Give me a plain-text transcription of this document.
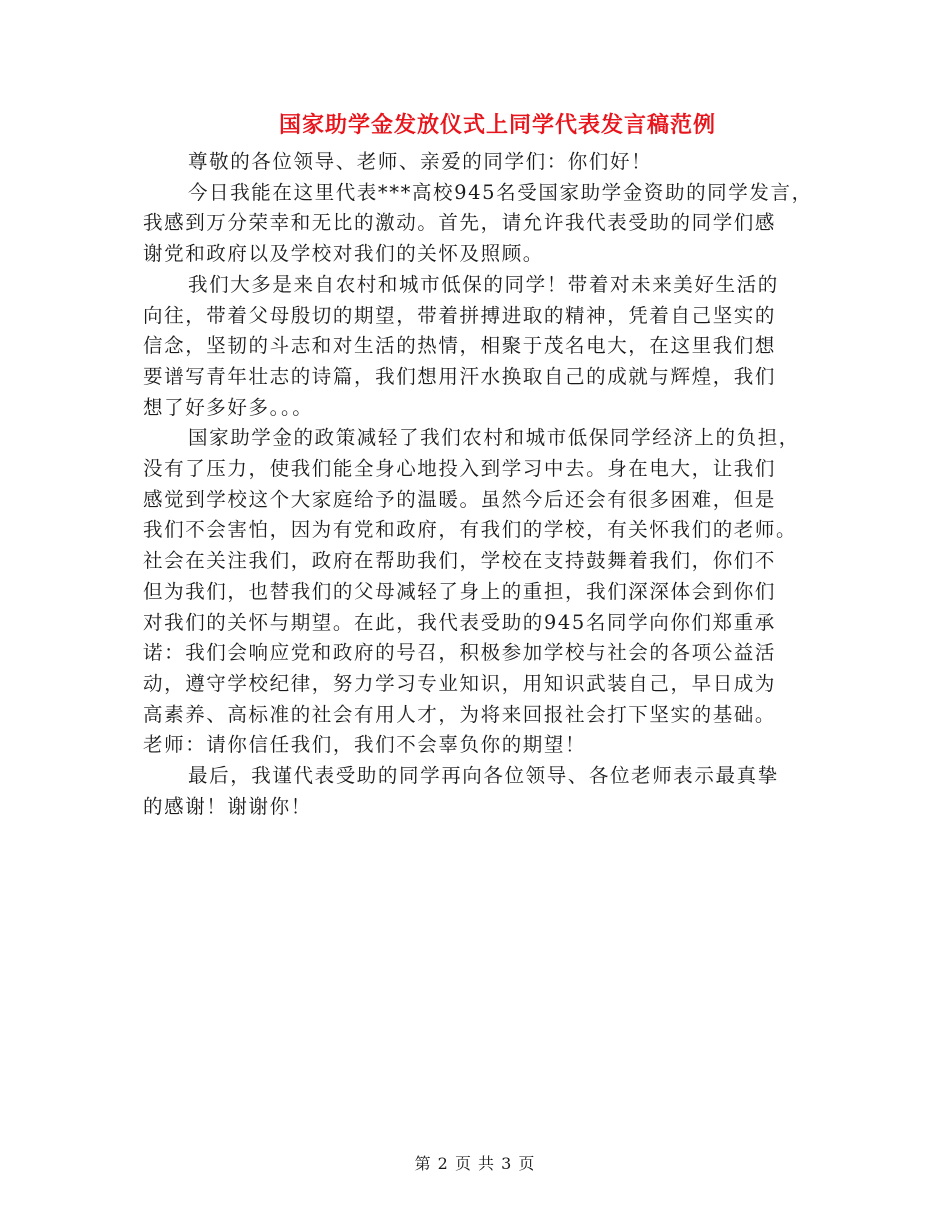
国家助学金发放仪式上同学代表发言稿范例
尊敬的各位领导、老师、亲爱的同学们：你们好！
今日我能在这里代表***高校945名受国家助学金资助的同学发言，
我感到万分荣幸和无比的激动。首先，请允许我代表受助的同学们感
谢党和政府以及学校对我们的关怀及照顾。
我们大多是来自农村和城市低保的同学！带着对未来美好生活的
向往，带着父母殷切的期望，带着拼搏进取的精神，凭着自己坚实的
信念，坚韧的斗志和对生活的热情，相聚于茂名电大，在这里我们想
要谱写青年壮志的诗篇，我们想用汗水换取自己的成就与辉煌，我们
想了好多好多。。。
国家助学金的政策减轻了我们农村和城市低保同学经济上的负担，
没有了压力，使我们能全身心地投入到学习中去。身在电大，让我们
感觉到学校这个大家庭给予的温暖。虽然今后还会有很多困难，但是
我们不会害怕，因为有党和政府，有我们的学校，有关怀我们的老师。
社会在关注我们，政府在帮助我们，学校在支持鼓舞着我们，你们不
但为我们，也替我们的父母减轻了身上的重担，我们深深体会到你们
对我们的关怀与期望。在此，我代表受助的945名同学向你们郑重承
诺：我们会响应党和政府的号召，积极参加学校与社会的各项公益活
动，遵守学校纪律，努力学习专业知识，用知识武装自己，早日成为
高素养、高标准的社会有用人才，为将来回报社会打下坚实的基础。
老师：请你信任我们，我们不会辜负你的期望！
最后，我谨代表受助的同学再向各位领导、各位老师表示最真挚
的感谢！谢谢你！
第 2 页 共 3 页
